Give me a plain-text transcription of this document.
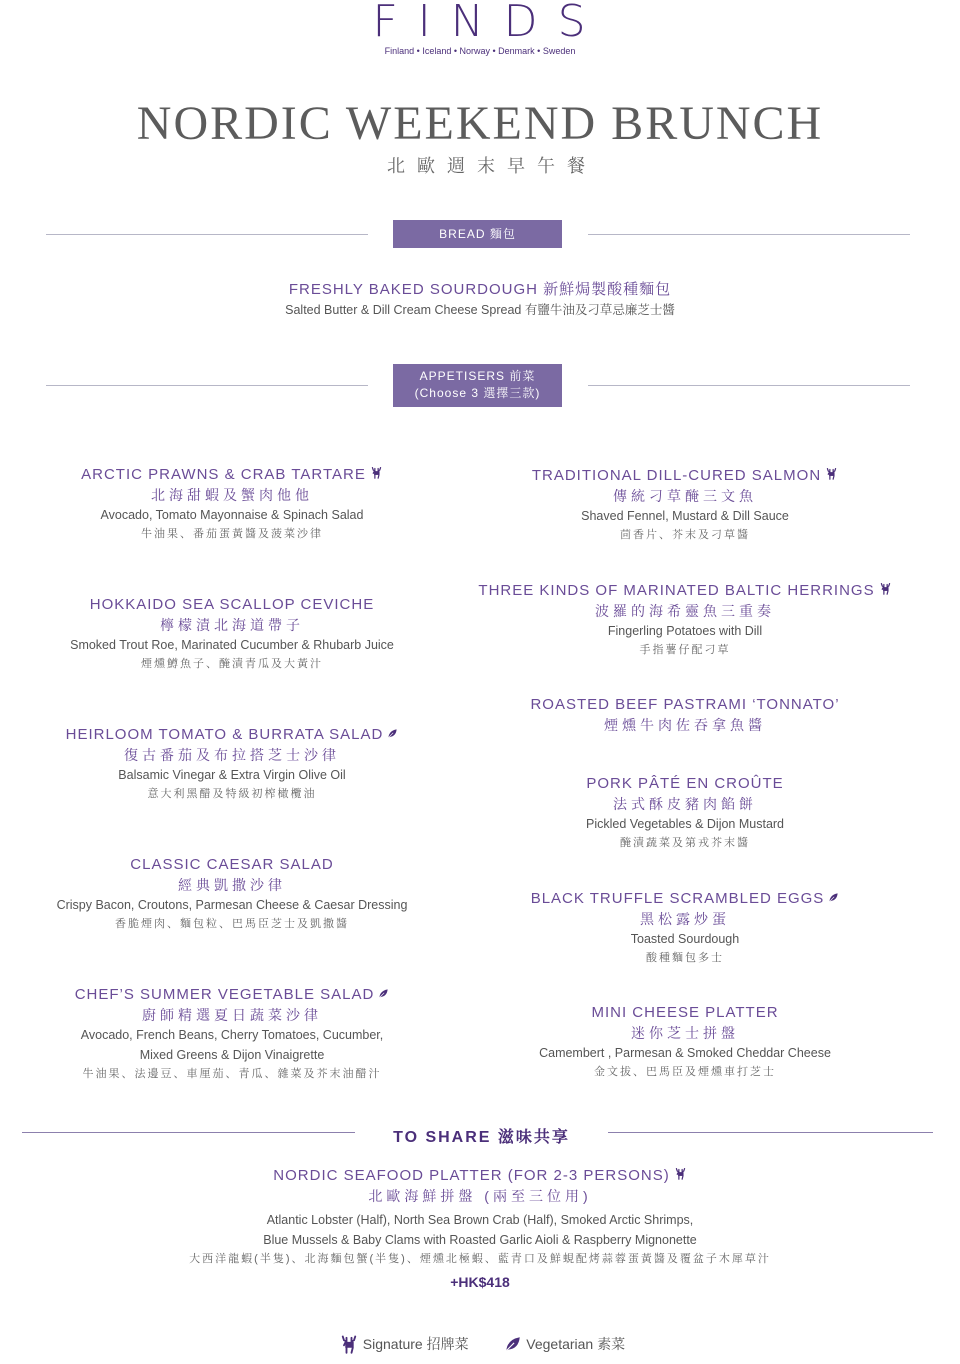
FINDS
Finland • Iceland • Norway • Denmark • Sweden
NORDIC WEEKEND BRUNCH
北歐週末早午餐
BREAD 麵包
FRESHLY BAKED SOURDOUGH 新鮮焗製酸種麵包
Salted Butter & Dill Cream Cheese Spread 有鹽牛油及刁草忌廉芝士醬
APPETISERS 前菜
(Choose 3 選擇三款)
ARCTIC PRAWNS & CRAB TARTARE
北海甜蝦及蟹肉他他
Avocado, Tomato Mayonnaise & Spinach Salad
牛油果、番茄蛋黃醬及菠菜沙律
HOKKAIDO SEA SCALLOP CEVICHE
檸檬漬北海道帶子
Smoked Trout Roe, Marinated Cucumber & Rhubarb Juice
煙燻鱒魚子、醃漬青瓜及大黃汁
HEIRLOOM TOMATO & BURRATA SALAD
復古番茄及布拉搭芝士沙律
Balsamic Vinegar & Extra Virgin Olive Oil
意大利黑醋及特級初榨橄欖油
CLASSIC CAESAR SALAD
經典凱撒沙律
Crispy Bacon, Croutons, Parmesan Cheese & Caesar Dressing
香脆煙肉、麵包粒、巴馬臣芝士及凱撒醬
CHEF’S SUMMER VEGETABLE SALAD
廚師精選夏日蔬菜沙律
Avocado, French Beans, Cherry Tomatoes, Cucumber,
Mixed Greens & Dijon Vinaigrette
牛油果、法邊豆、車厘茄、青瓜、雜菜及芥末油醋汁
TRADITIONAL DILL-CURED SALMON
傳統刁草醃三文魚
Shaved Fennel, Mustard & Dill Sauce
茴香片、芥末及刁草醬
THREE KINDS OF MARINATED BALTIC HERRINGS
波羅的海希靈魚三重奏
Fingerling Potatoes with Dill
手指薯仔配刁草
ROASTED BEEF PASTRAMI ‘TONNATO’
煙燻牛肉佐吞拿魚醬
PORK PÂTÉ EN CROÛTE
法式酥皮豬肉餡餅
Pickled Vegetables & Dijon Mustard
醃漬蔬菜及第戎芥末醬
BLACK TRUFFLE SCRAMBLED EGGS
黑松露炒蛋
Toasted Sourdough
酸種麵包多士
MINI CHEESE PLATTER
迷你芝士拼盤
Camembert , Parmesan & Smoked Cheddar Cheese
金文拔、巴馬臣及煙燻車打芝士
TO SHARE 滋味共享
NORDIC SEAFOOD PLATTER (FOR 2-3 PERSONS)
北歐海鮮拼盤 (兩至三位用)
Atlantic Lobster (Half), North Sea Brown Crab (Half), Smoked Arctic Shrimps,
Blue Mussels & Baby Clams with Roasted Garlic Aioli & Raspberry Mignonette
大西洋龍蝦(半隻)、北海麵包蟹(半隻)、煙燻北極蝦、藍青口及鮮蜆配烤蒜蓉蛋黃醬及覆盆子木犀草汁
+HK$418
Signature 招牌菜	Vegetarian 素菜
